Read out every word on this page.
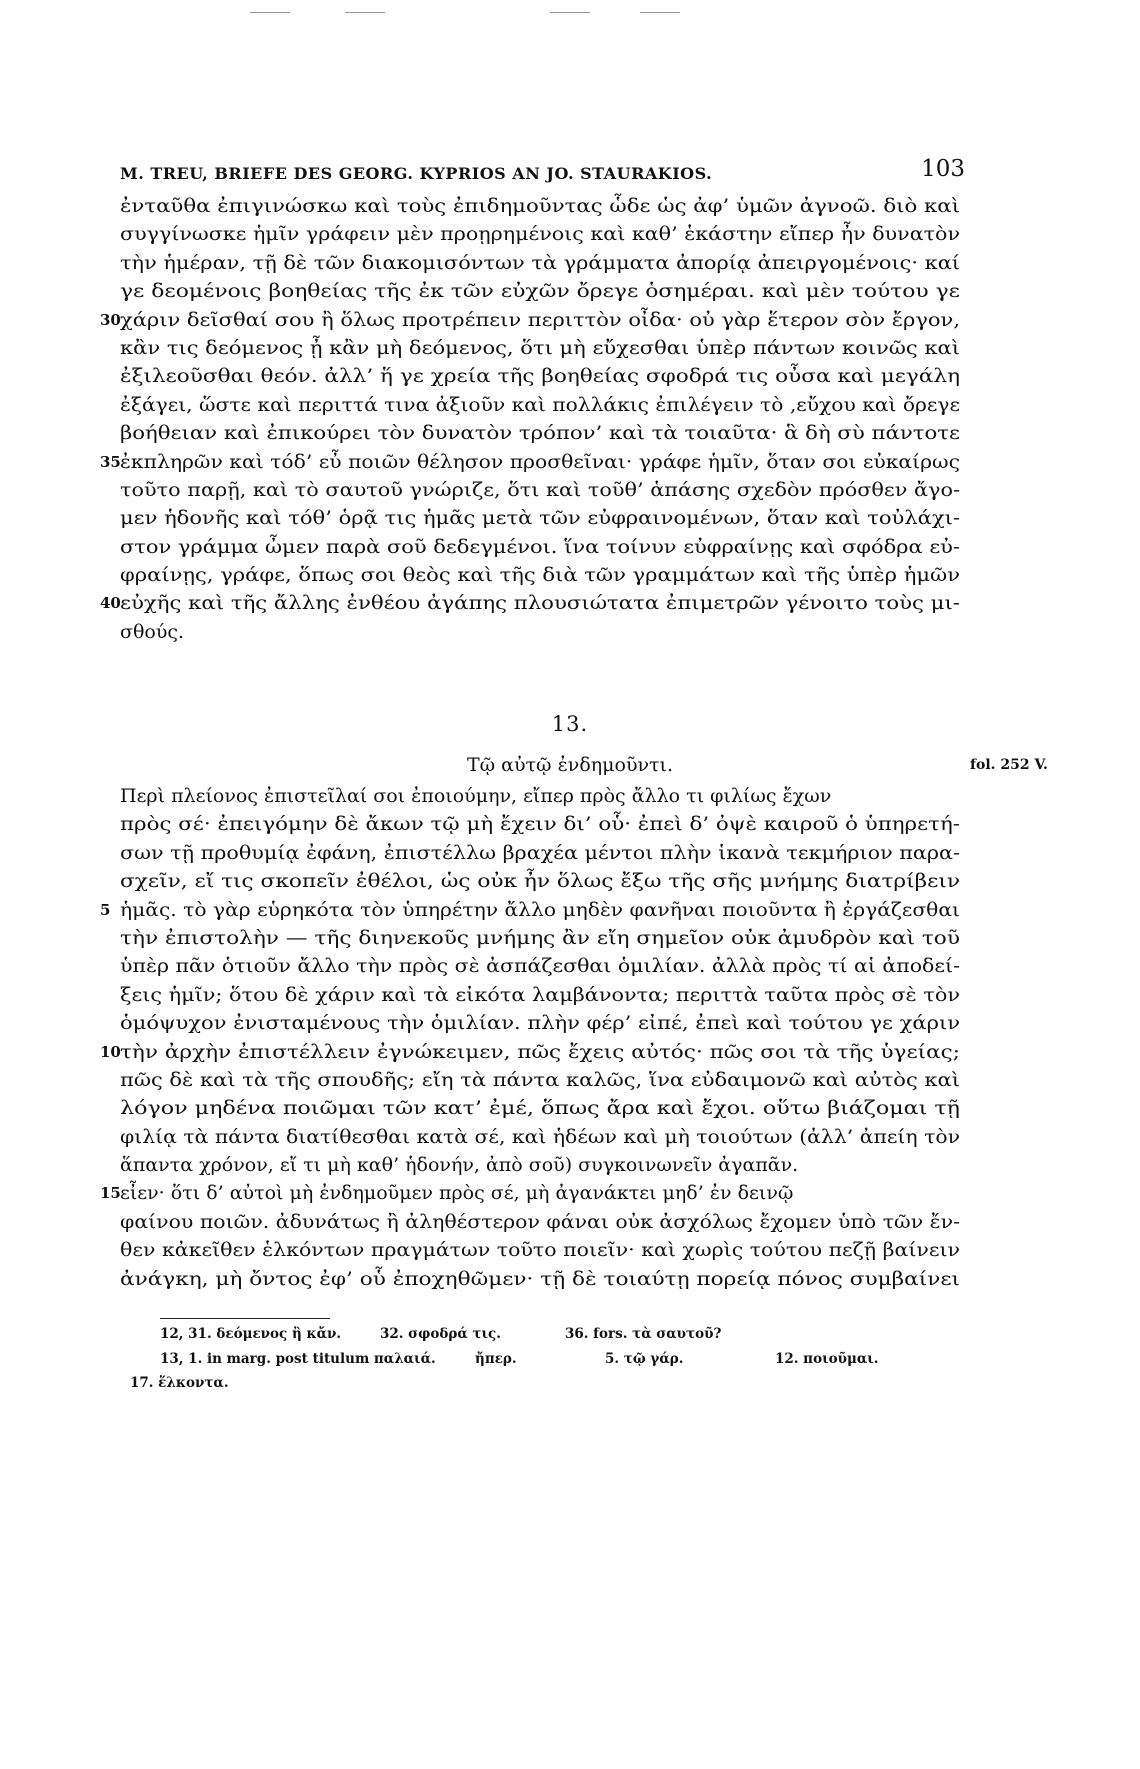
M. TREU, BRIEFE DES GEORG. KYPRIOS AN JO. STAURAKIOS.	103
ἐνταῦθα ἐπιγινώσκω καὶ τοὺς ἐπιδημοῦντας ὧδε ὡς ἀφ’ ὑμῶν ἀγνοῶ. διὸ καὶ
συγγίνωσκε ἡμῖν γράφειν μὲν προῃρημένοις καὶ καθ’ ἑκάστην εἴπερ ἦν δυνατὸν
τὴν ἡμέραν, τῇ δὲ τῶν διακομισόντων τὰ γράμματα ἀπορίᾳ ἀπειργομένοις· καί
γε δεομένοις βοηθείας τῆς ἐκ τῶν εὐχῶν ὄρεγε ὁσημέραι. καὶ μὲν τούτου γε
30 χάριν δεῖσθαί σου ἢ ὅλως προτρέπειν περιττὸν οἶδα· οὐ γὰρ ἕτερον σὸν ἔργον,
κἂν τις δεόμενος ᾖ κἂν μὴ δεόμενος, ὅτι μὴ εὔχεσθαι ὑπὲρ πάντων κοινῶς καὶ
ἐξιλεοῦσθαι θεόν. ἀλλ’ ἥ γε χρεία τῆς βοηθείας σφοδρά τις οὖσα καὶ μεγάλη
ἐξάγει, ὥστε καὶ περιττά τινα ἀξιοῦν καὶ πολλάκις ἐπιλέγειν τὸ ‚εὔχου καὶ ὄρεγε
βοήθειαν καὶ ἐπικούρει τὸν δυνατὸν τρόπον’ καὶ τὰ τοιαῦτα· ἃ δὴ σὺ πάντοτε
35 ἐκπληρῶν καὶ τόδ’ εὖ ποιῶν θέλησον προσθεῖναι· γράφε ἡμῖν, ὅταν σοι εὐκαίρως
τοῦτο παρῇ, καὶ τὸ σαυτοῦ γνώριζε, ὅτι καὶ τοῦθ’ ἁπάσης σχεδὸν πρόσθεν ἄγο-
μεν ἡδονῆς καὶ τόθ’ ὁρᾷ τις ἡμᾶς μετὰ τῶν εὐφραινομένων, ὅταν καὶ τοὐλάχι-
στον γράμμα ὦμεν παρὰ σοῦ δεδεγμένοι. ἵνα τοίνυν εὐφραίνῃς καὶ σφόδρα εὐ-
φραίνῃς, γράφε, ὅπως σοι θεὸς καὶ τῆς διὰ τῶν γραμμάτων καὶ τῆς ὑπὲρ ἡμῶν
40 εὐχῆς καὶ τῆς ἄλλης ἐνθέου ἀγάπης πλουσιώτατα ἐπιμετρῶν γένοιτο τοὺς μι-
σθούς.
13.
Τῷ αὐτῷ ἐνδημοῦντι.	fol. 252 V.
Περὶ πλείονος ἐπιστεῖλαί σοι ἐποιούμην, εἴπερ πρὸς ἄλλο τι φιλίως ἔχων
πρὸς σέ· ἐπειγόμην δὲ ἄκων τῷ μὴ ἔχειν δι’ οὗ· ἐπεὶ δ’ ὀψὲ καιροῦ ὁ ὑπηρετή-
σων τῇ προθυμίᾳ ἐφάνη, ἐπιστέλλω βραχέα μέντοι πλὴν ἱκανὰ τεκμήριον παρα-
σχεῖν, εἴ τις σκοπεῖν ἐθέλοι, ὡς οὐκ ἦν ὅλως ἔξω τῆς σῆς μνήμης διατρίβειν
5 ἡμᾶς. τὸ γὰρ εὑρηκότα τὸν ὑπηρέτην ἄλλο μηδὲν φανῆναι ποιοῦντα ἢ ἐργάζεσθαι
τὴν ἐπιστολὴν — τῆς διηνεκοῦς μνήμης ἂν εἴη σημεῖον οὐκ ἀμυδρὸν καὶ τοῦ
ὑπὲρ πᾶν ὁτιοῦν ἄλλο τὴν πρὸς σὲ ἀσπάζεσθαι ὁμιλίαν. ἀλλὰ πρὸς τί αἱ ἀποδεί-
ξεις ἡμῖν; ὅτου δὲ χάριν καὶ τὰ εἰκότα λαμβάνοντα; περιττὰ ταῦτα πρὸς σὲ τὸν
ὁμόψυχον ἐνισταμένους τὴν ὁμιλίαν. πλὴν φέρ’ εἰπέ, ἐπεὶ καὶ τούτου γε χάριν
10 τὴν ἀρχὴν ἐπιστέλλειν ἐγνώκειμεν, πῶς ἔχεις αὐτός· πῶς σοι τὰ τῆς ὑγείας;
πῶς δὲ καὶ τὰ τῆς σπουδῆς; εἴη τὰ πάντα καλῶς, ἵνα εὐδαιμονῶ καὶ αὐτὸς καὶ
λόγον μηδένα ποιῶμαι τῶν κατ’ ἐμέ, ὅπως ἄρα καὶ ἔχοι. οὕτω βιάζομαι τῇ
φιλίᾳ τὰ πάντα διατίθεσθαι κατὰ σέ, καὶ ἡδέων καὶ μὴ τοιούτων (ἀλλ’ ἀπείη τὸν
ἅπαντα χρόνον, εἴ τι μὴ καθ’ ἡδονήν, ἀπὸ σοῦ) συγκοινωνεῖν ἀγαπᾶν.
15 εἶεν· ὅτι δ’ αὐτοὶ μὴ ἐνδημοῦμεν πρὸς σέ, μὴ ἀγανάκτει μηδ’ ἐν δεινῷ
φαίνου ποιῶν. ἀδυνάτως ἢ ἀληθέστερον φάναι οὐκ ἀσχόλως ἔχομεν ὑπὸ τῶν ἔν-
θεν κἀκεῖθεν ἑλκόντων πραγμάτων τοῦτο ποιεῖν· καὶ χωρὶς τούτου πεζῇ βαίνειν
ἀνάγκη, μὴ ὄντος ἐφ’ οὗ ἐποχηθῶμεν· τῇ δὲ τοιαύτῃ πορείᾳ πόνος συμβαίνει
12, 31. δεόμενος ἢ κἄν.	32. σφοδρά τις.	36. fors. τὰ σαυτοῦ?
13, 1. in marg. post titulum παλαιά.	ἤπερ.	5. τῷ γάρ.	12. ποιοῦμαι.
17. ἕλκοντα.
